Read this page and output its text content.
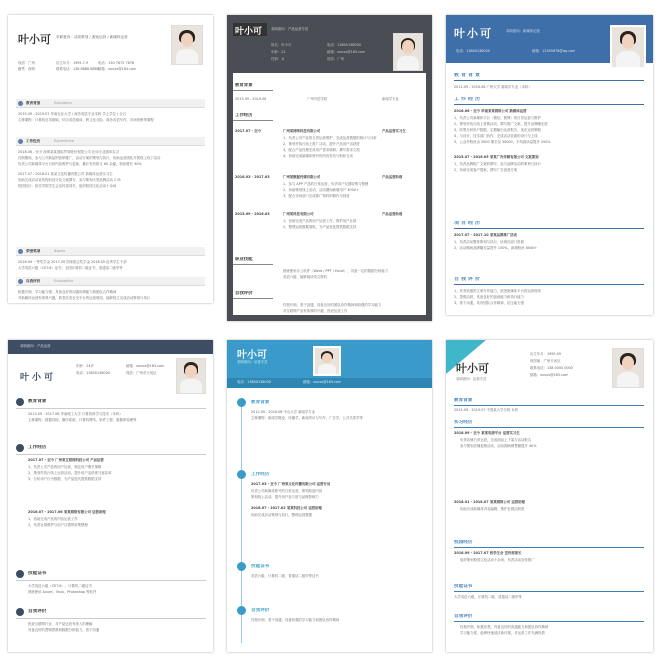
叶小可 求职意向：活动策划 / 游戏运营 / 新媒体运营
现居：广州
籍贯：深圳
出生年月：1995.7.9
联系电话：138 8888 8888
电话：150 7675 7678
邮箱：xxxxx@163.com
教育背景	Education
2015.09 - 2019.07 华南农业大学 / 商务英语专业本科 学士学位 / 全日
主修课程：计算机应用基础、综合英语阅读、跨文化交际、商务英语写作、市场营销等课程
工作经历	Experience
2018.06 - 至今 深圳某某国际贸易股份有限公司 在读专业跟单实习
在职期间，参与公司新品的营销推广、活动方案的策划与执行，协助运营团队开展线上线下活动
负责公司新媒体平台日常内容维护与更新，累计发布推文 60 余篇，粉丝增长 30%
2017.07 - 2018.01 某某文化传播有限公司 新媒体运营实习生
协助完成活动宣传物料设计及文案撰写，参与策划大型品牌活动 2 场
校园经历：担任学院学生会宣传部部长，组织校园文化活动十余场
荣誉奖项	Award
2016.09 一等奖学金 2017.09 国家励志奖学金 2018.05 优秀学生干部
大学英语六级（CET-6）证书、全国计算机二级证书、普通话二级甲等
自我评价	Evaluation
积极开朗，学习能力强，具备良好的沟通协调能力和团队合作精神
对新媒体运营有浓厚兴趣，熟悉各类社交平台的运营规则，能够独立完成活动策划与执行
叶小可	求职意向：产品运营专员
姓名：叶小可
年龄：22
性别：女
电话：13800138000
邮箱：xxxxx@163.com
现居：广州
教育背景
2015.09 - 2019.06	广州外语学院	新闻学专业
工作经历
2017.07 - 至今	广州某网络科技有限公司	产品运营实习生
1、负责公司产品的日常运营维护，完成运营数据的统计与分析
2、策划并执行线上推广活动，提升产品用户活跃度
3、配合产品经理完成用户需求调研，撰写需求文档
4、协助完成新媒体账号的内容发布与粉丝互动
2016.03 - 2017.03	广州某数据传媒有限公司	产品运营助理
1、参与 APP 产品的日常运营，负责用户反馈收集与整理
2、协助策划线上活动，活动期间新增用户 3000+
3、配合市场部门完成推广物料的制作与投放
2015.09 - 2016.03	广州某科技有限公司	产品运营助理
1、协助完成产品的用户运营工作，维护用户社群
2、整理运营数据周报，为产品优化提供数据支持
职业技能
熟练使用办公软件（Word / PPT / Excel），具备一定的数据分析能力
英语六级，能够阅读英文资料
自我评价
性格开朗，善于沟通，具备良好的团队协作精神和较强的学习能力
对互联网产品有浓厚的兴趣，热爱运营工作
叶小可	求职意向：新媒体运营
电话：13800138000	邮箱：12345678@qq.com
教育背景
2012.09 - 2016.06 广州大学 新闻学专业（本科）
工作经历
2016.06 - 至今 华南某某网络公司 新媒体运营
1、负责公司新媒体平台（微信、微博）的日常运营与维护
2、策划并执行线上营销活动，撰写推广文案，提升品牌曝光度
3、收集分析用户数据，定期输出运营报告，优化运营策略
4、与设计、技术部门协作，完成活动页面的设计与上线
5、公众号粉丝由 5000 增长至 30000，平均阅读量提升 200%
2015.07 - 2016.05 某某广告传媒有限公司 文案策划
1、负责品牌推广文案的撰写，参与品牌活动的策划与执行
2、协助完成客户提案，撰写广告创意方案
项目经历
2017.07 - 2017.10 某某品牌推广活动
1、负责活动整体策划与执行，协调各部门资源
2、活动期间品牌曝光量提升 150%，新增粉丝 8000+
自我评价
1、具有较强的文案写作能力，熟悉新媒体平台的运营规则
2、思维活跃，具备良好的创意能力和执行能力
3、善于沟通，具有团队合作精神，抗压能力强
叶小可
求职意向：产品运营
年龄：24岁
电话：13800138000
邮箱：xxxxx@163.com
现居：广州市天河区
教育背景
2013.09 - 2017.06 华南理工大学 计算机科学与技术（本科）
主修课程：数据结构、操作系统、计算机网络、软件工程、数据库原理等
工作经历
2017.07 - 至今 广州某互联网科技公司 产品运营
1、负责公司产品的用户运营，制定用户增长策略
2、策划并执行线上运营活动，提升用户活跃度与留存率
3、分析用户行为数据，为产品迭代提供数据支持
2016.07 - 2017.06 某某网络有限公司 运营助理
1、协助完成产品的内容运营工作
2、负责社群维护与用户反馈的收集整理
技能证书
大学英语六级（CET-6）、计算机二级证书
熟练使用 Axure、Visio、Photoshop 等软件
自我评价
热爱互联网行业，对产品运营有深入的理解
具备良好的逻辑思维和数据分析能力，善于沟通
叶小可
求职意向：运营专员
电话：13800138000	邮箱：xxxxx@163.com
教育背景
2012.09 - 2016.06 中山大学 新闻学专业
主修课程：新闻学概论、传播学、新闻采访与写作、广告学、公共关系学等
工作经历
2017.03 - 至今 广州某文化传播有限公司 运营专员
负责公司新媒体账号的日常运营，策划原创内容
策划线上活动，提升用户参与度与品牌影响力
2016.07 - 2017.02 某某科技公司 运营助理
协助完成活动策划与执行，整理运营数据
技能证书
英语六级、计算机二级、普通话二级甲等证书
自我评价
性格开朗，善于沟通，具备较强的学习能力和团队协作精神
叶小可
求职意向：运营专员
出生年月：1995.09
现居地：广州天河区
联系电话：138 0000 0000
邮箱：xxxxx@163.com
教育背景
2015.09 - 2019.07 中国某大学分校 本科
实习经历
2018.09 - 至今 某某电商平台 运营实习生
负责店铺日常运营，完成商品上下架与活动报名
参与策划店铺促销活动，活动期间销售额提升 40%
2018.01 - 2018.07 某某网络公司 运营助理
协助完成新媒体内容编辑，维护社群活跃度
校园经历
2016.09 - 2017.07 校学生会 宣传部部长
组织策划校园文化活动十余场，负责活动宣传推广
技能证书
大学英语六级、计算机二级、普通话二级甲等
自我评价
性格开朗，积极乐观，具备良好的沟通能力和团队协作精神
学习能力强，能够快速适应新环境，对运营工作充满热情
